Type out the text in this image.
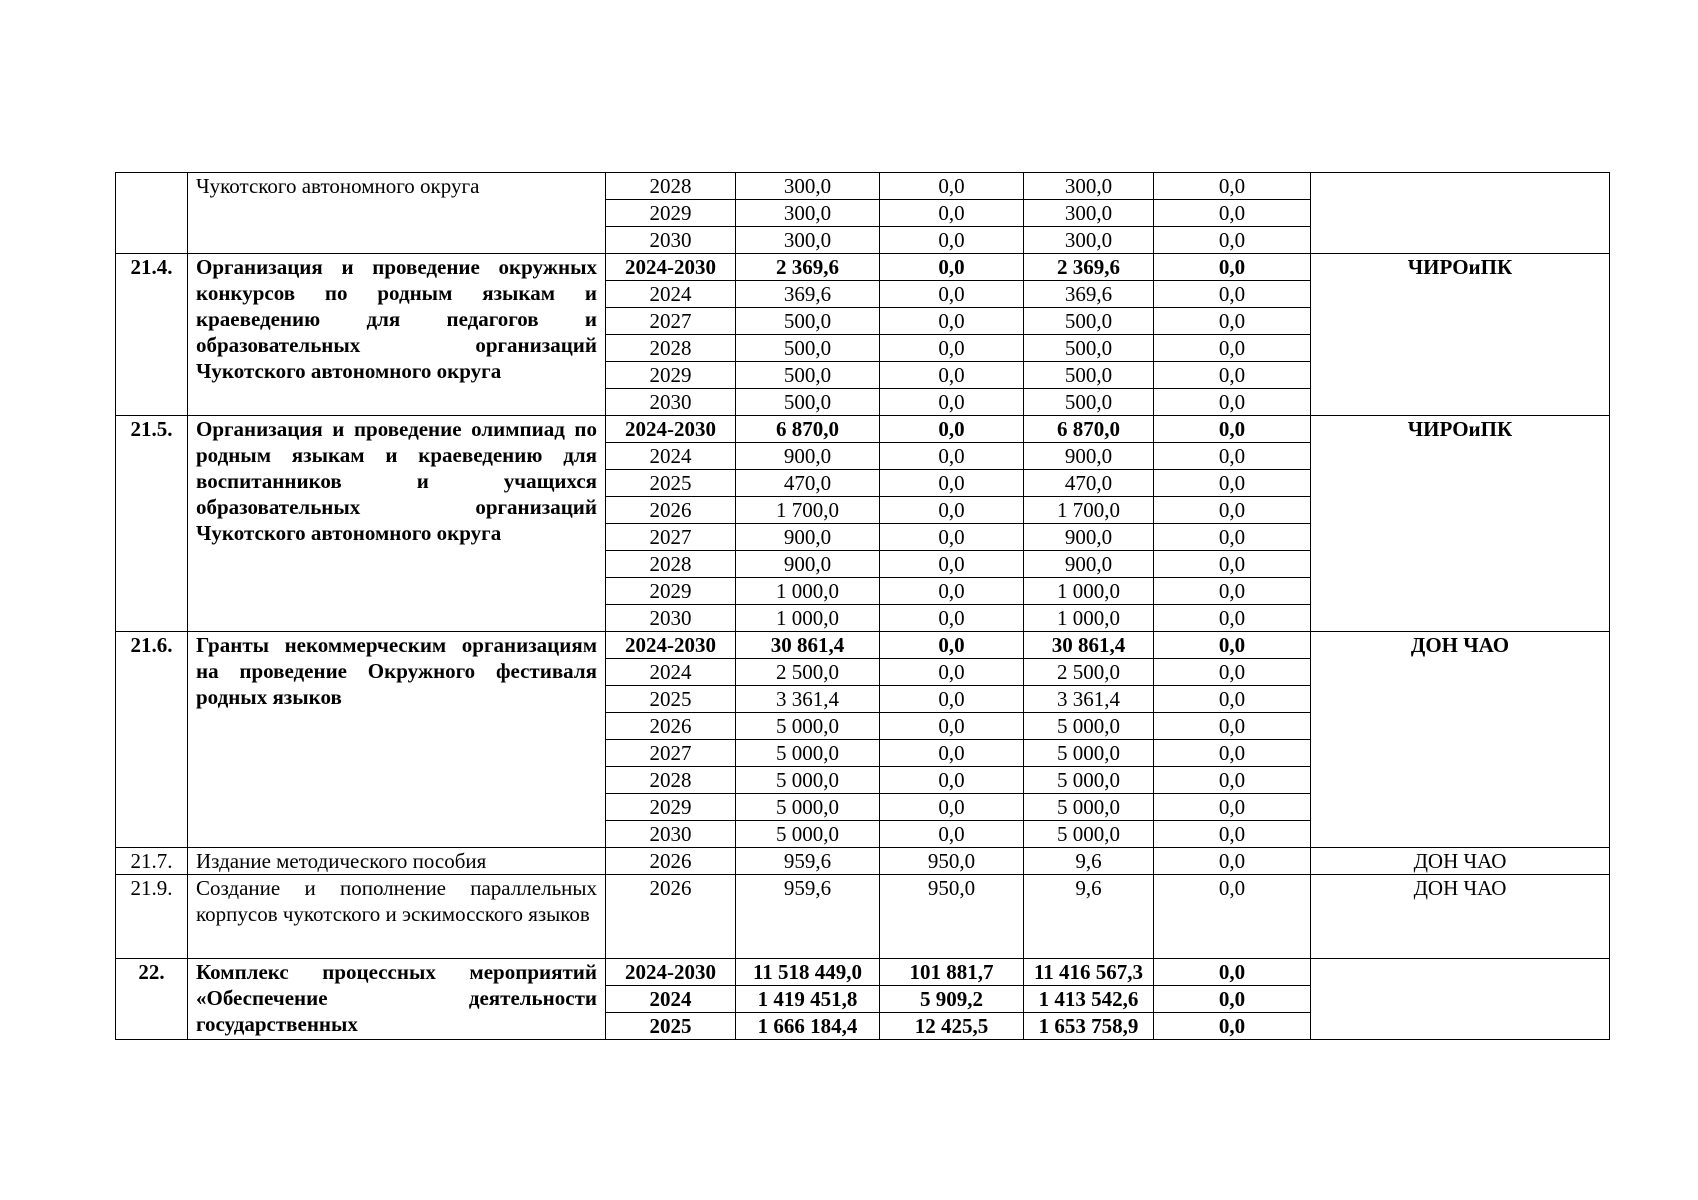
	Чукотского автономного округа	2028	300,0	0,0	300,0	0,0	
		2029	300,0	0,0	300,0	0,0	
		2030	300,0	0,0	300,0	0,0	
21.4.	Организация и проведение окружных конкурсов по родным языкам и краеведению для педагогов и образовательных организаций Чукотского автономного округа	2024-2030	2 369,6	0,0	2 369,6	0,0	ЧИРОиПК
		2024	369,6	0,0	369,6	0,0	
		2027	500,0	0,0	500,0	0,0	
		2028	500,0	0,0	500,0	0,0	
		2029	500,0	0,0	500,0	0,0	
		2030	500,0	0,0	500,0	0,0	
21.5.	Организация и проведение олимпиад по родным языкам и краеведению для воспитанников и учащихся образовательных организаций Чукотского автономного округа	2024-2030	6 870,0	0,0	6 870,0	0,0	ЧИРОиПК
		2024	900,0	0,0	900,0	0,0	
		2025	470,0	0,0	470,0	0,0	
		2026	1 700,0	0,0	1 700,0	0,0	
		2027	900,0	0,0	900,0	0,0	
		2028	900,0	0,0	900,0	0,0	
		2029	1 000,0	0,0	1 000,0	0,0	
		2030	1 000,0	0,0	1 000,0	0,0	
21.6.	Гранты некоммерческим организациям на проведение Окружного фестиваля родных языков	2024-2030	30 861,4	0,0	30 861,4	0,0	ДОН ЧАО
		2024	2 500,0	0,0	2 500,0	0,0	
		2025	3 361,4	0,0	3 361,4	0,0	
		2026	5 000,0	0,0	5 000,0	0,0	
		2027	5 000,0	0,0	5 000,0	0,0	
		2028	5 000,0	0,0	5 000,0	0,0	
		2029	5 000,0	0,0	5 000,0	0,0	
		2030	5 000,0	0,0	5 000,0	0,0	
21.7.	Издание методического пособия	2026	959,6	950,0	9,6	0,0	ДОН ЧАО
21.9.	Создание и пополнение параллельных корпусов чукотского и эскимосского языков	2026	959,6	950,0	9,6	0,0	ДОН ЧАО
22.	Комплекс процессных мероприятий «Обеспечение деятельности государственных	2024-2030	11 518 449,0	101 881,7	11 416 567,3	0,0	
		2024	1 419 451,8	5 909,2	1 413 542,6	0,0	
		2025	1 666 184,4	12 425,5	1 653 758,9	0,0	
